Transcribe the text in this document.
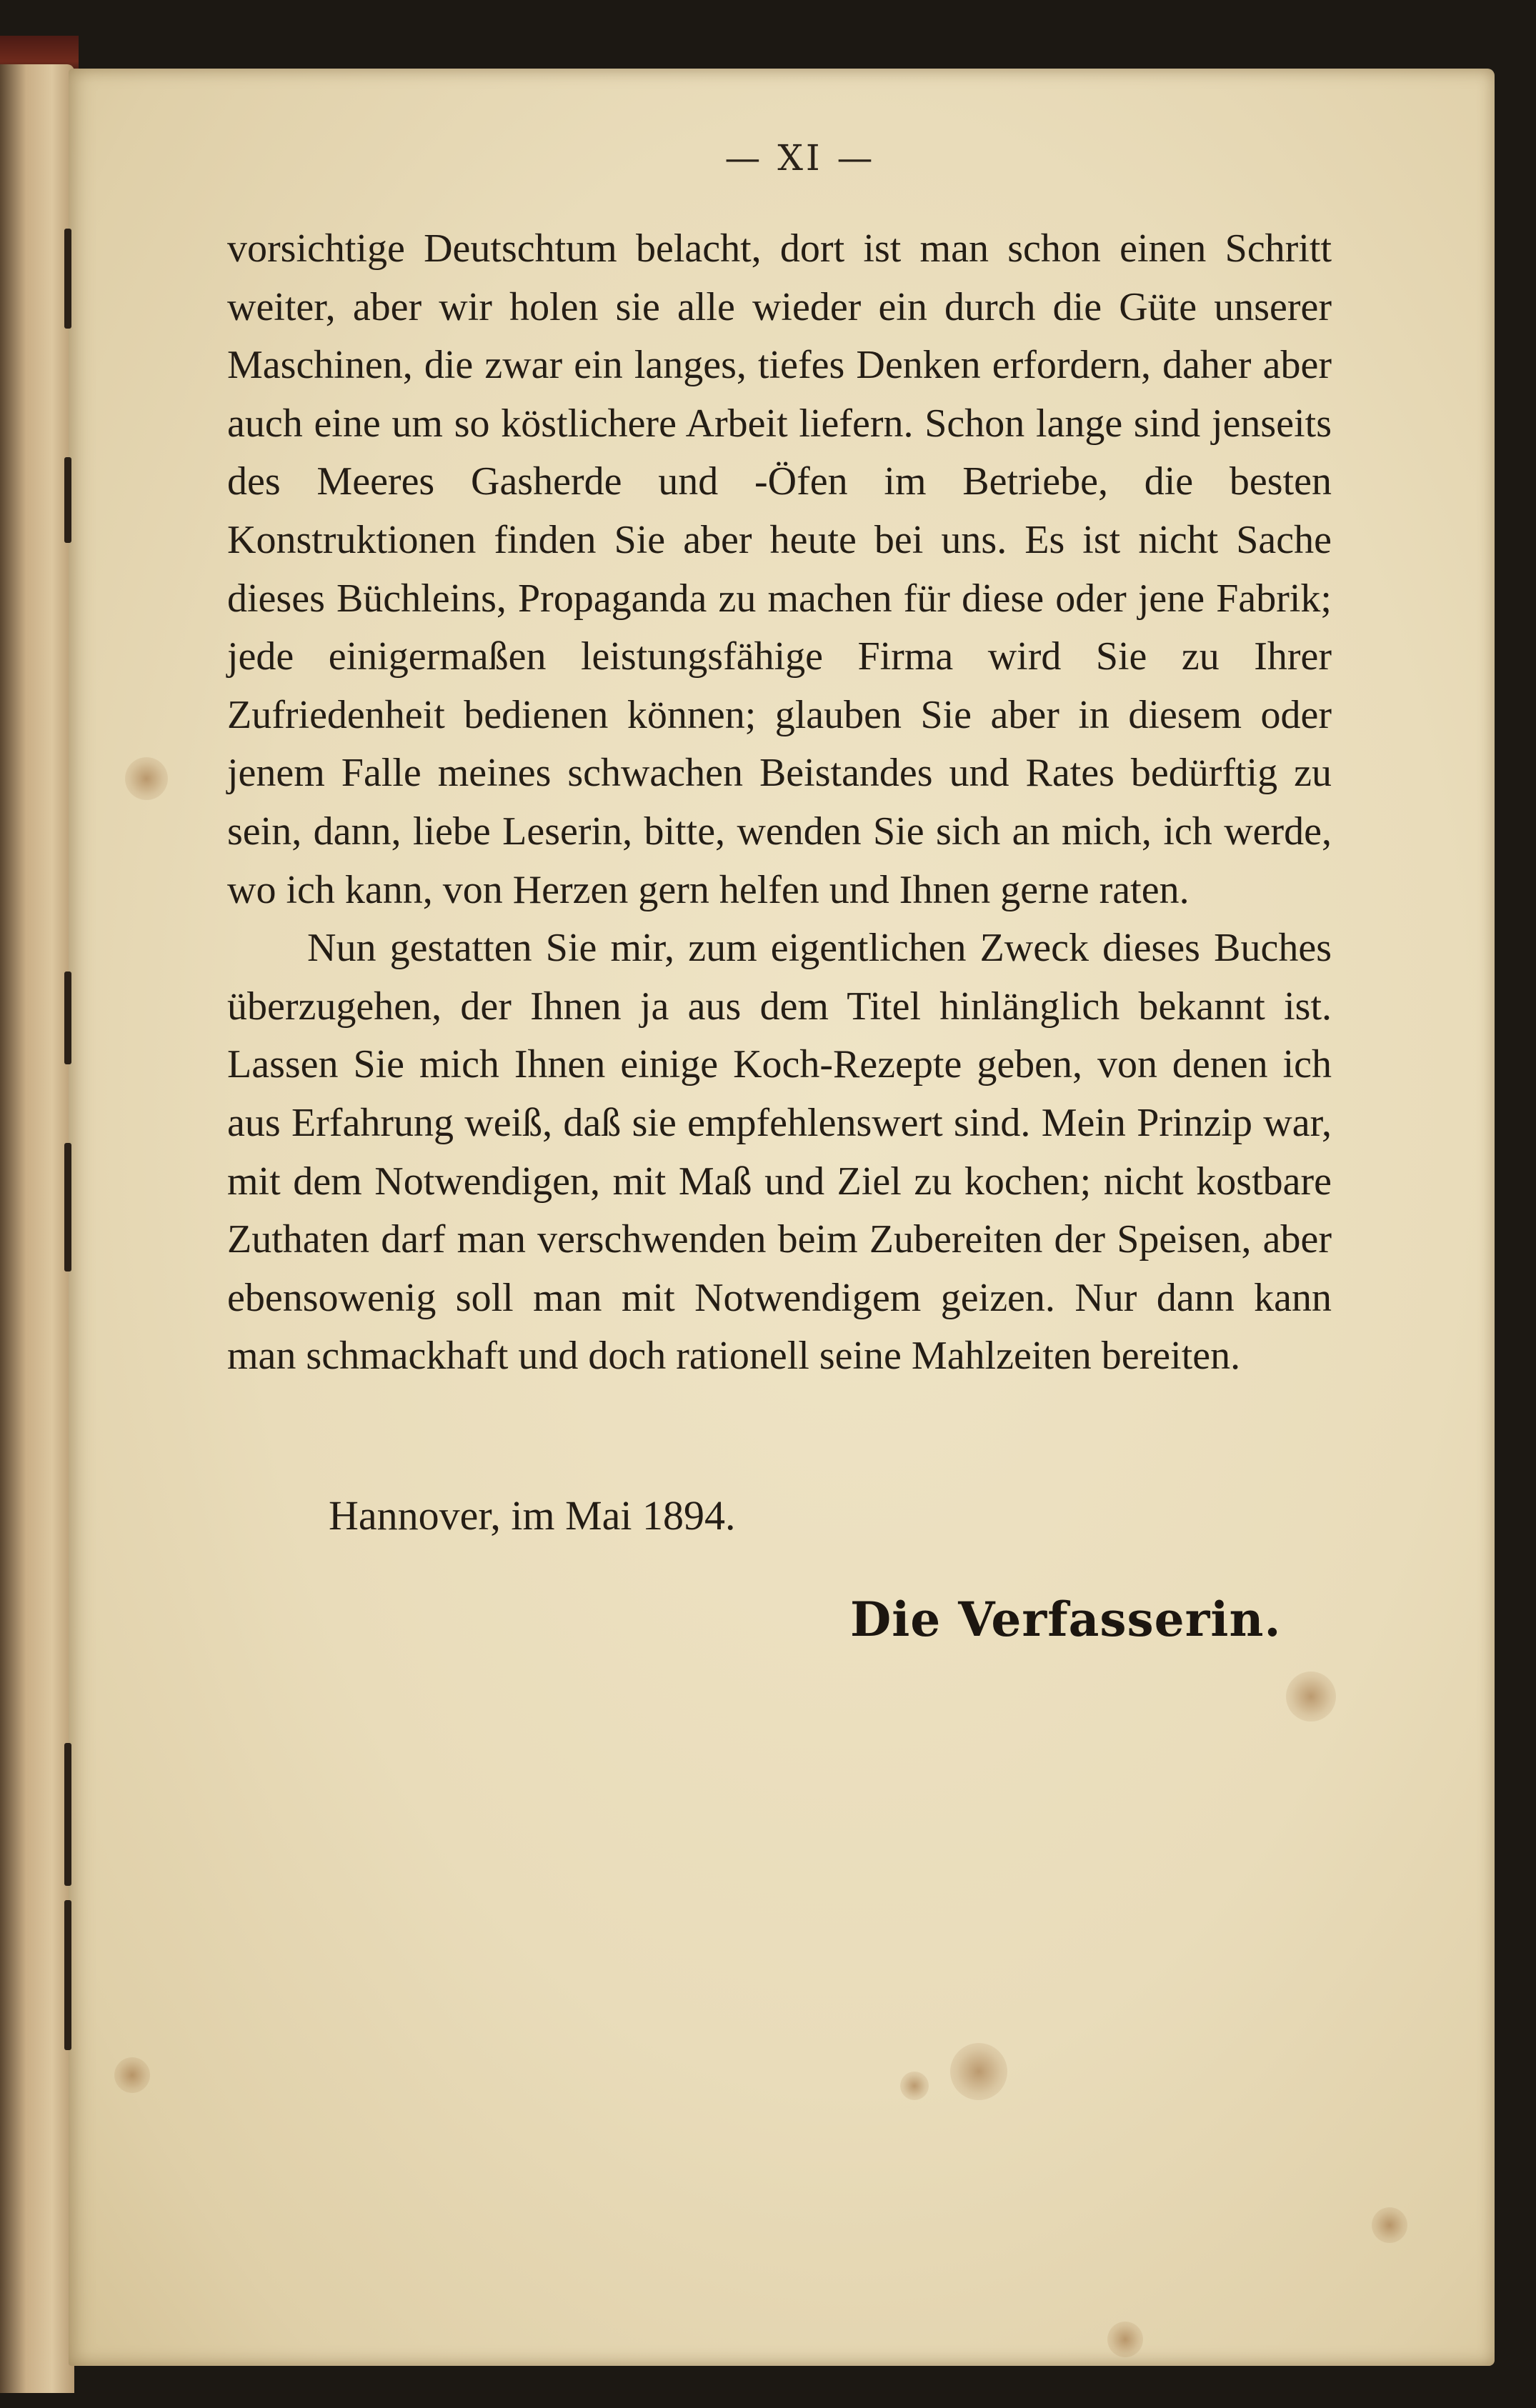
— XI —

vorsichtige Deutschtum belacht, dort ist man schon einen Schritt weiter, aber wir holen sie alle wieder ein durch die Güte unserer Maschinen, die zwar ein langes, tiefes Denken erfordern, daher aber auch eine um so köstlichere Arbeit liefern. Schon lange sind jenseits des Meeres Gasherde und -Öfen im Betriebe, die besten Konstruktionen finden Sie aber heute bei uns. Es ist nicht Sache dieses Büchleins, Propaganda zu machen für diese oder jene Fabrik; jede einigermaßen leistungsfähige Firma wird Sie zu Ihrer Zufriedenheit bedienen können; glauben Sie aber in diesem oder jenem Falle meines schwachen Beistandes und Rates bedürftig zu sein, dann, liebe Leserin, bitte, wenden Sie sich an mich, ich werde, wo ich kann, von Herzen gern helfen und Ihnen gerne raten.

Nun gestatten Sie mir, zum eigentlichen Zweck dieses Buches überzugehen, der Ihnen ja aus dem Titel hinlänglich bekannt ist. Lassen Sie mich Ihnen einige Koch-Rezepte geben, von denen ich aus Erfahrung weiß, daß sie empfehlenswert sind. Mein Prinzip war, mit dem Notwendigen, mit Maß und Ziel zu kochen; nicht kostbare Zuthaten darf man verschwenden beim Zubereiten der Speisen, aber ebensowenig soll man mit Notwendigem geizen. Nur dann kann man schmackhaft und doch rationell seine Mahlzeiten bereiten.

Hannover, im Mai 1894.
Die Verfasserin.
